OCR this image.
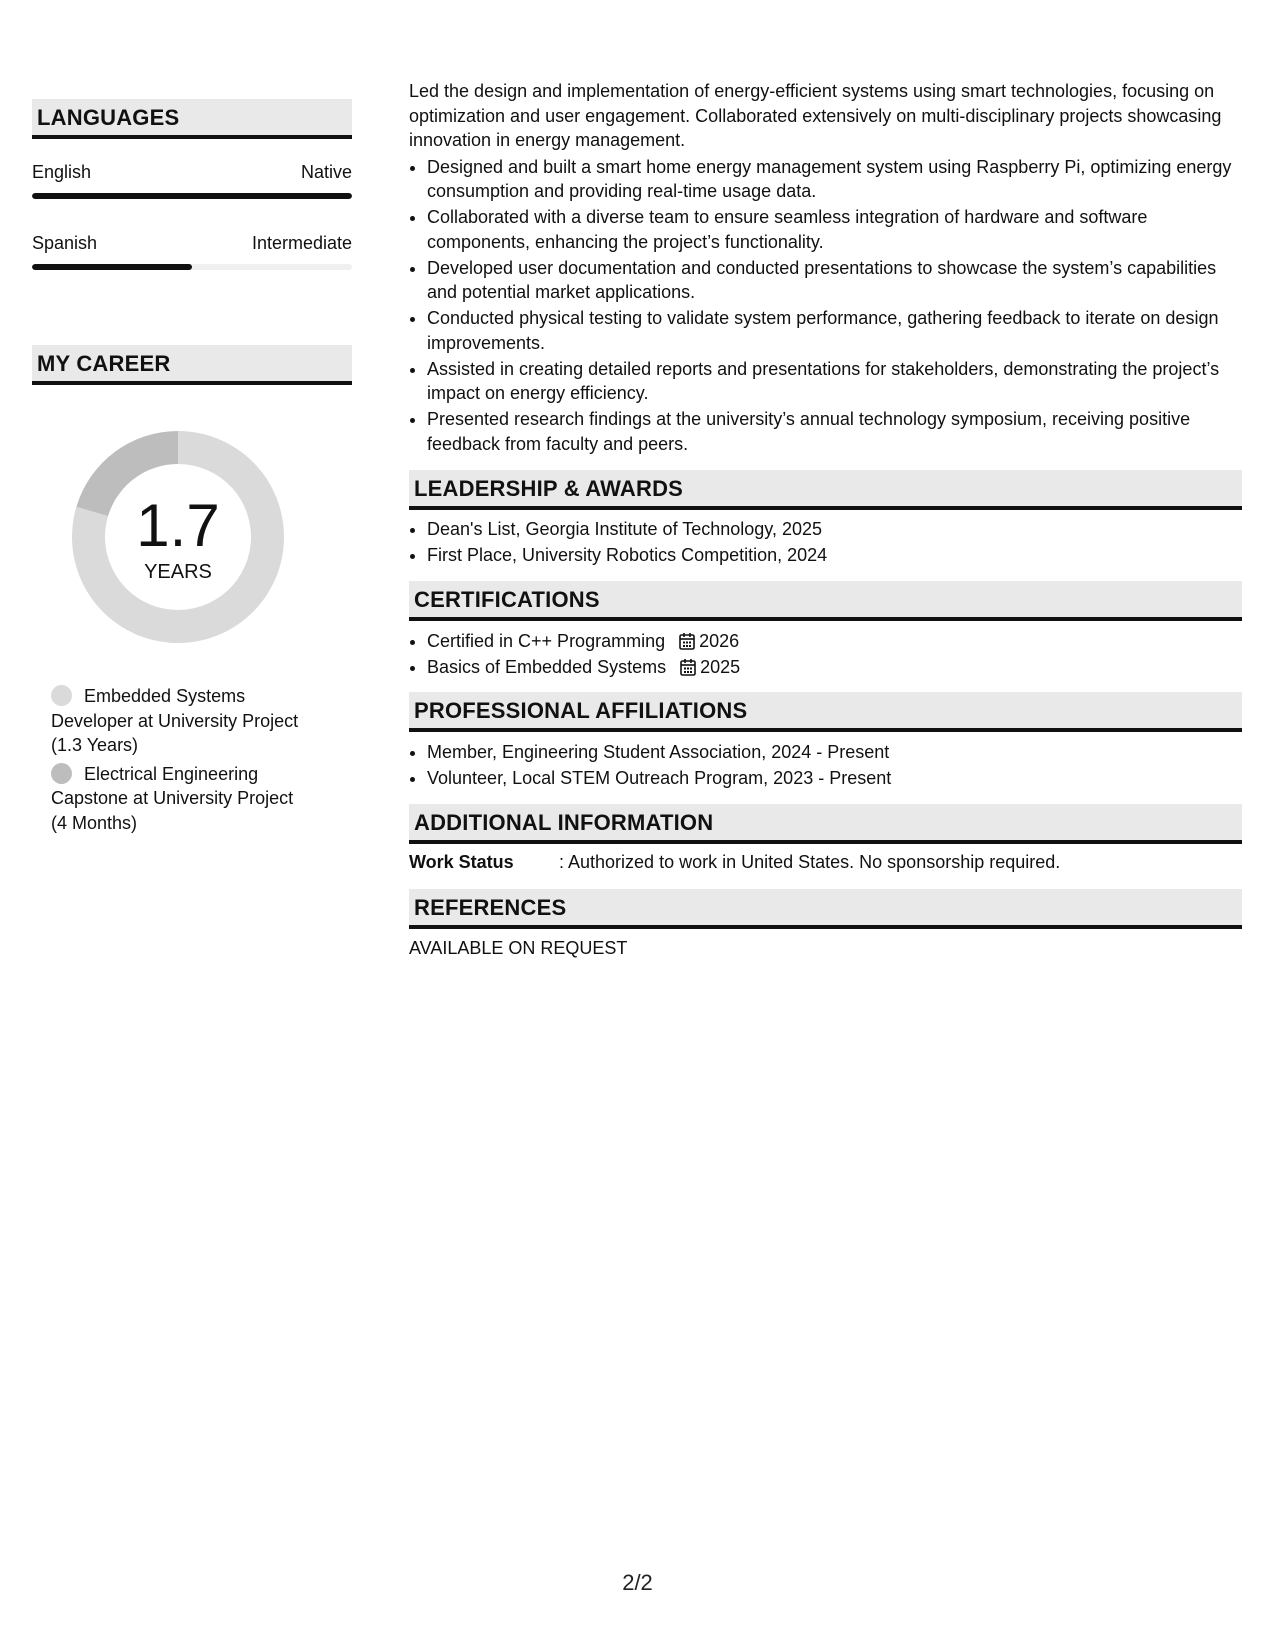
LANGUAGES
English	Native
Spanish	Intermediate
MY CAREER
1.7
YEARS
Embedded Systems Developer at University Project (1.3 Years)
Electrical Engineering Capstone at University Project (4 Months)

Led the design and implementation of energy-efficient systems using smart technologies, focusing on optimization and user engagement. Collaborated extensively on multi-disciplinary projects showcasing innovation in energy management.

• Designed and built a smart home energy management system using Raspberry Pi, optimizing energy consumption and providing real-time usage data.
• Collaborated with a diverse team to ensure seamless integration of hardware and software components, enhancing the project’s functionality.
• Developed user documentation and conducted presentations to showcase the system’s capabilities and potential market applications.
• Conducted physical testing to validate system performance, gathering feedback to iterate on design improvements.
• Assisted in creating detailed reports and presentations for stakeholders, demonstrating the project’s impact on energy efficiency.
• Presented research findings at the university’s annual technology symposium, receiving positive feedback from faculty and peers.
LEADERSHIP & AWARDS
• Dean's List, Georgia Institute of Technology, 2025
• First Place, University Robotics Competition, 2024
CERTIFICATIONS
• Certified in C++ Programming 2026
• Basics of Embedded Systems 2025
PROFESSIONAL AFFILIATIONS
• Member, Engineering Student Association, 2024 - Present
• Volunteer, Local STEM Outreach Program, 2023 - Present
ADDITIONAL INFORMATION
Work Status	: Authorized to work in United States. No sponsorship required.
REFERENCES
AVAILABLE ON REQUEST
2/2
